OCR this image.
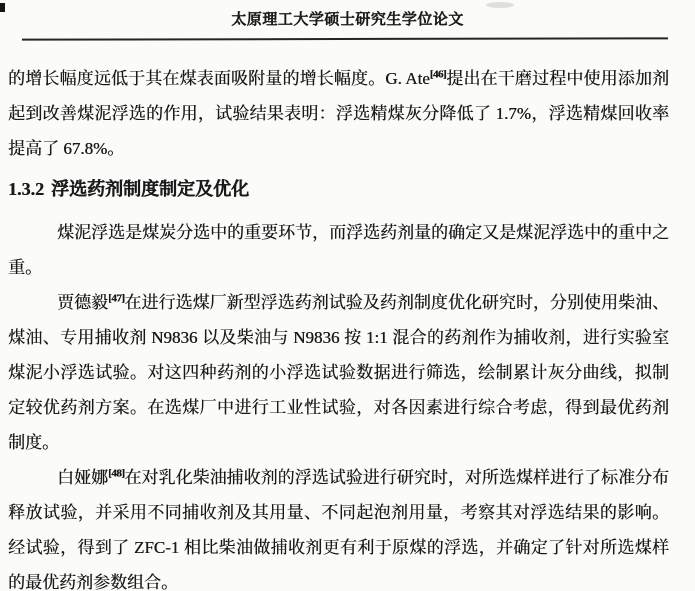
太原理工大学硕士研究生学位论文

的增长幅度远低于其在煤表面吸附量的增长幅度。G. Ate[46]提出在干磨过程中使用添加剂起到改善煤泥浮选的作用，试验结果表明：浮选精煤灰分降低了 1.7%，浮选精煤回收率提高了 67.8%。

1.3.2 浮选药剂制度制定及优化

煤泥浮选是煤炭分选中的重要环节，而浮选药剂量的确定又是煤泥浮选中的重中之重。

贾德毅[47]在进行选煤厂新型浮选药剂试验及药剂制度优化研究时，分别使用柴油、煤油、专用捕收剂 N9836 以及柴油与 N9836 按 1:1 混合的药剂作为捕收剂，进行实验室煤泥小浮选试验。对这四种药剂的小浮选试验数据进行筛选，绘制累计灰分曲线，拟制定较优药剂方案。在选煤厂中进行工业性试验，对各因素进行综合考虑，得到最优药剂制度。

白娅娜[48]在对乳化柴油捕收剂的浮选试验进行研究时，对所选煤样进行了标准分布释放试验，并采用不同捕收剂及其用量、不同起泡剂用量，考察其对浮选结果的影响。经试验，得到了 ZFC-1 相比柴油做捕收剂更有利于原煤的浮选，并确定了针对所选煤样的最优药剂参数组合。
